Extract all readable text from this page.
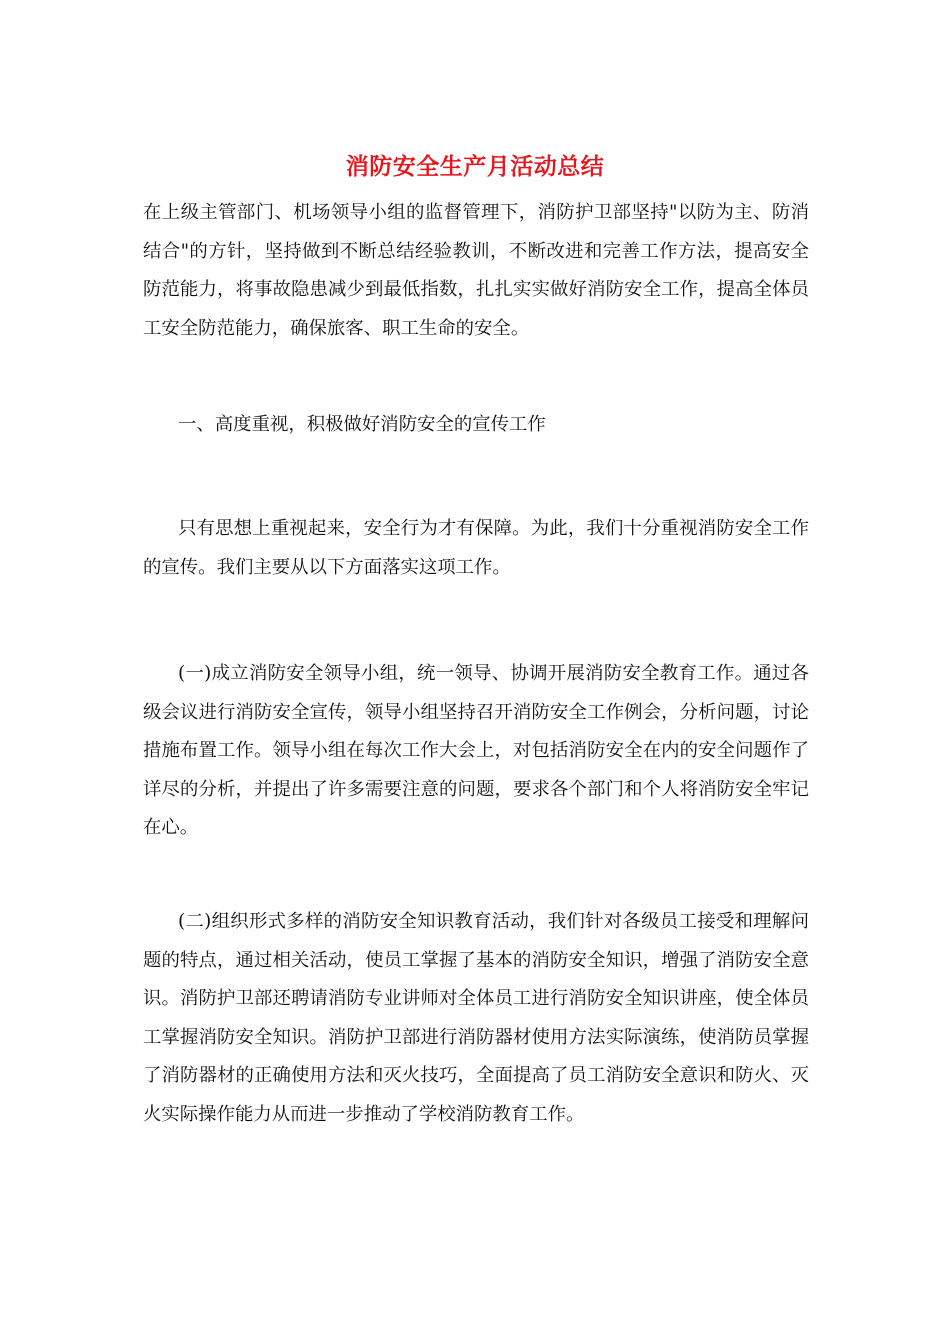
消防安全生产月活动总结

在上级主管部门、机场领导小组的监督管理下，消防护卫部坚持"以防为主、防消结合"的方针，坚持做到不断总结经验教训，不断改进和完善工作方法，提高安全防范能力，将事故隐患减少到最低指数，扎扎实实做好消防安全工作，提高全体员工安全防范能力，确保旅客、职工生命的安全。

一、高度重视，积极做好消防安全的宣传工作

只有思想上重视起来，安全行为才有保障。为此，我们十分重视消防安全工作的宣传。我们主要从以下方面落实这项工作。

(一)成立消防安全领导小组，统一领导、协调开展消防安全教育工作。通过各级会议进行消防安全宣传，领导小组坚持召开消防安全工作例会，分析问题，讨论措施布置工作。领导小组在每次工作大会上，对包括消防安全在内的安全问题作了详尽的分析，并提出了许多需要注意的问题，要求各个部门和个人将消防安全牢记在心。

(二)组织形式多样的消防安全知识教育活动，我们针对各级员工接受和理解问题的特点，通过相关活动，使员工掌握了基本的消防安全知识，增强了消防安全意识。消防护卫部还聘请消防专业讲师对全体员工进行消防安全知识讲座，使全体员工掌握消防安全知识。消防护卫部进行消防器材使用方法实际演练，使消防员掌握了消防器材的正确使用方法和灭火技巧，全面提高了员工消防安全意识和防火、灭火实际操作能力从而进一步推动了学校消防教育工作。
